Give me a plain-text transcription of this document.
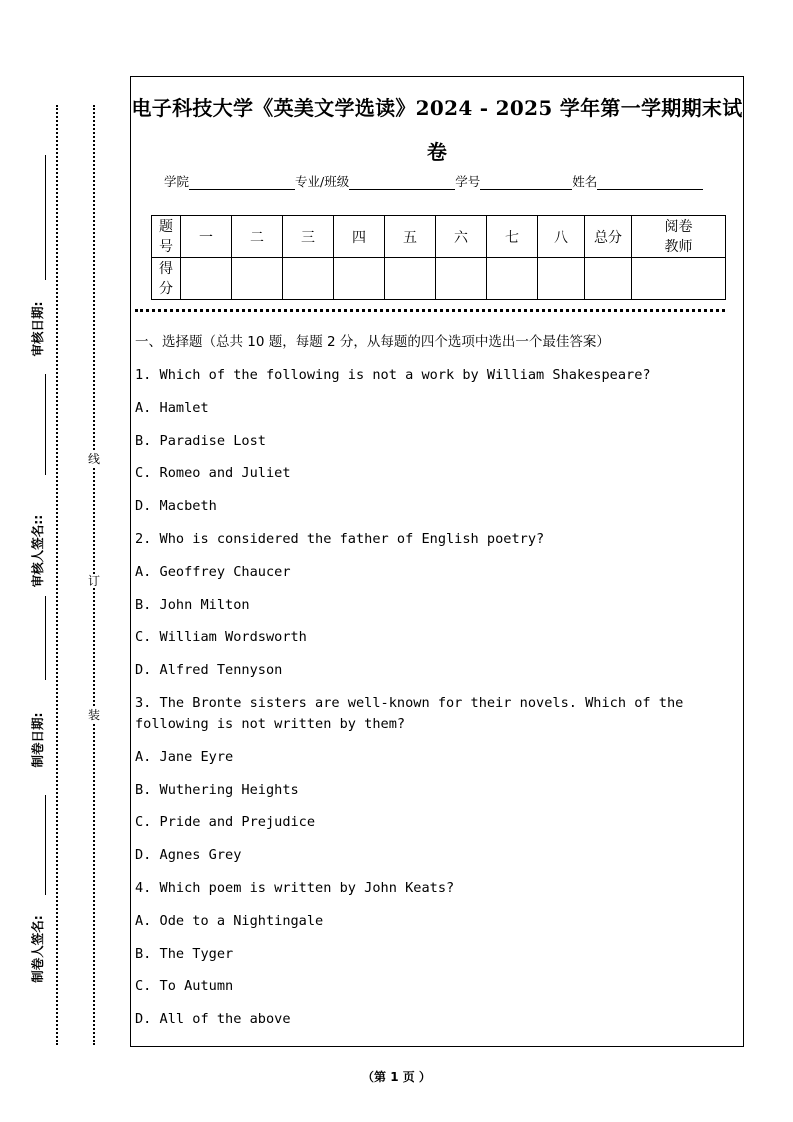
审核日期:
审核人签名::
制卷日期:
制卷人签名:
线
订
装
电子科技大学《英美文学选读》2024 - 2025 学年第一学期期末试卷
学院	专业/班级	学号	姓名
题号	一	二	三	四	五	六	七	八	总分	阅卷教师
得分										
一、选择题（总共 10 题，每题 2 分，从每题的四个选项中选出一个最佳答案）
1. Which of the following is not a work by William Shakespeare?
A. Hamlet
B. Paradise Lost
C. Romeo and Juliet
D. Macbeth
2. Who is considered the father of English poetry?
A. Geoffrey Chaucer
B. John Milton
C. William Wordsworth
D. Alfred Tennyson
3. The Bronte sisters are well-known for their novels. Which of the following is not written by them?
A. Jane Eyre
B. Wuthering Heights
C. Pride and Prejudice
D. Agnes Grey
4. Which poem is written by John Keats?
A. Ode to a Nightingale
B. The Tyger
C. To Autumn
D. All of the above
（第 1 页 ）
